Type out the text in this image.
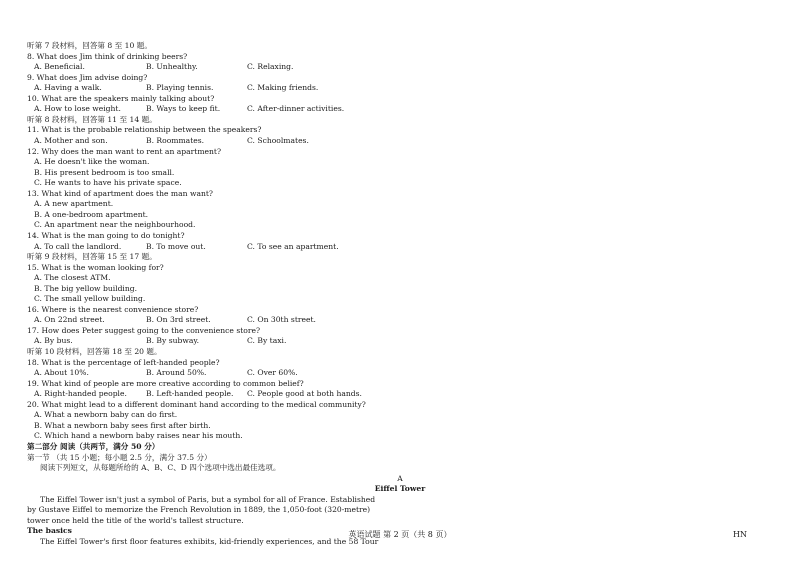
听第 7 段材料，回答第 8 至 10 题。
8. What does Jim think of drinking beers?
A. Beneficial.	B. Unhealthy.	C. Relaxing.
9. What does Jim advise doing?
A. Having a walk.	B. Playing tennis.	C. Making friends.
10. What are the speakers mainly talking about?
A. How to lose weight.	B. Ways to keep fit.	C. After-dinner activities.
听第 8 段材料，回答第 11 至 14 题。
11. What is the probable relationship between the speakers?
A. Mother and son.	B. Roommates.	C. Schoolmates.
12. Why does the man want to rent an apartment?
A. He doesn't like the woman.
B. His present bedroom is too small.
C. He wants to have his private space.
13. What kind of apartment does the man want?
A. A new apartment.
B. A one-bedroom apartment.
C. An apartment near the neighbourhood.
14. What is the man going to do tonight?
A. To call the landlord.	B. To move out.	C. To see an apartment.
听第 9 段材料，回答第 15 至 17 题。
15. What is the woman looking for?
A. The closest ATM.
B. The big yellow building.
C. The small yellow building.
16. Where is the nearest convenience store?
A. On 22nd street.	B. On 3rd street.	C. On 30th street.
17. How does Peter suggest going to the convenience store?
A. By bus.	B. By subway.	C. By taxi.
听第 10 段材料，回答第 18 至 20 题。
18. What is the percentage of left-handed people?
A. About 10%.	B. Around 50%.	C. Over 60%.
19. What kind of people are more creative according to common belief?
A. Right-handed people.	B. Left-handed people. C. People good at both hands.
20. What might lead to a different dominant hand according to the medical community?
A. What a newborn baby can do first.
B. What a newborn baby sees first after birth.
C. Which hand a newborn baby raises near his mouth.
第二部分 阅读（共两节，满分 50 分）
第一节 （共 15 小题；每小题 2.5 分，满分 37.5 分）
阅读下列短文，从每题所给的 A、B、C、D 四个选项中选出最佳选项。
A
Eiffel Tower
The Eiffel Tower isn't just a symbol of Paris, but a symbol for all of France. Established
by Gustave Eiffel to memorize the French Revolution in 1889, the 1,050-foot (320-metre)
tower once held the title of the world's tallest structure.
The basics
The Eiffel Tower's first floor features exhibits, kid-friendly experiences, and the 58 Tour
英语试题 第 2 页（共 8 页）	HN
